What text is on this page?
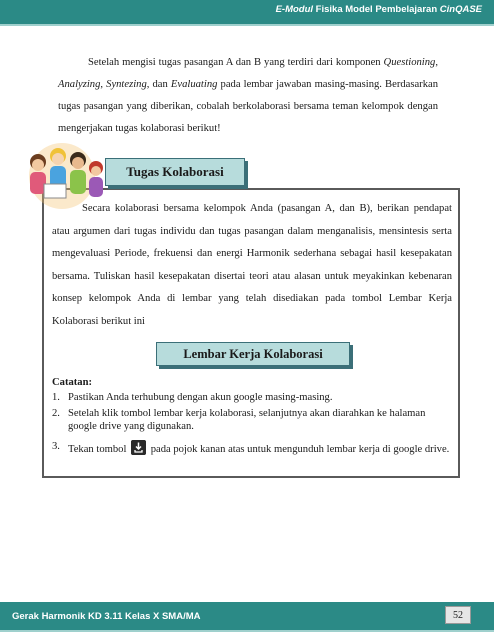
E-Modul Fisika Model Pembelajaran CinQASE
Setelah mengisi tugas pasangan A dan B yang terdiri dari komponen Questioning, Analyzing, Syntezing, dan Evaluating pada lembar jawaban masing-masing. Berdasarkan tugas pasangan yang diberikan, cobalah berkolaborasi bersama teman kelompok dengan mengerjakan tugas kolaborasi berikut!
Tugas Kolaborasi
Secara kolaborasi bersama kelompok Anda (pasangan A, dan B), berikan pendapat atau argumen dari tugas individu dan tugas pasangan dalam menganalisis, mensintesis serta mengevaluasi Periode, frekuensi dan energi Harmonik sederhana sebagai hasil kesepakatan bersama. Tuliskan hasil kesepakatan disertai teori atau alasan untuk meyakinkan kebenaran konsep kelompok Anda di lembar yang telah disediakan pada tombol Lembar Kerja Kolaborasi berikut ini
Lembar Kerja Kolaborasi
Catatan:
1. Pastikan Anda terhubung dengan akun google masing-masing.
2. Setelah klik tombol lembar kerja kolaborasi, selanjutnya akan diarahkan ke halaman google drive yang digunakan.
3. Tekan tombol  pada pojok kanan atas untuk mengunduh lembar kerja di google drive.
Gerak Harmonik KD 3.11 Kelas X SMA/MA	52
